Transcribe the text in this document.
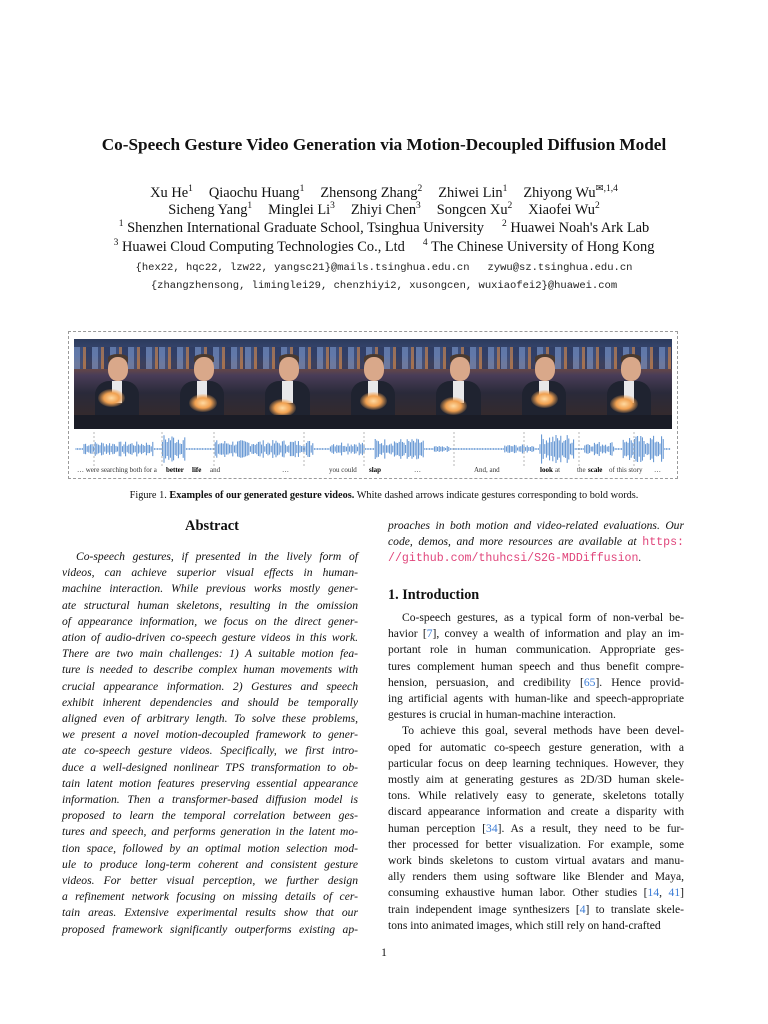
Co-Speech Gesture Video Generation via Motion-Decoupled Diffusion Model
Xu He$^1$ Qiaochu Huang$^1$ Zhensong Zhang$^2$ Zhiwei Lin$^1$ Zhiyong $Wu^{✉,1,4}$
Sicheng Yang$^1$ Minglei Li$^3$ Zhiyi Chen$^3$ Songcen Xu$^2$ Xiaofei Wu$^2$
$^1$ Shenzhen International Graduate School, Tsinghua University $^2$ Huawei Noah's Ark Lab
$^3$ Huawei Cloud Computing Technologies Co., Ltd $^4$ The Chinese University of Hong Kong
{hex22, hqc22, lzw22, yangsc21}@mails.tsinghua.edu.cn zywu@sz.tsinghua.edu.cn
{zhangzhensong, liminglei29, chenzhiyi2, xusongcen, wuxiaofei2}@huawei.com
… were searching both for a better life and	…	you could slap	…	And, and	look at the scale of this story …
Figure 1. Examples of our generated gesture videos. White dashed arrows indicate gestures corresponding to bold words.
Abstract
Co-speech gestures, if presented in the lively form of
videos, can achieve superior visual effects in human-
machine interaction. While previous works mostly gener-
ate structural human skeletons, resulting in the omission
of appearance information, we focus on the direct gener-
ation of audio-driven co-speech gesture videos in this work.
There are two main challenges: 1) A suitable motion fea-
ture is needed to describe complex human movements with
crucial appearance information. 2) Gestures and speech
exhibit inherent dependencies and should be temporally
aligned even of arbitrary length. To solve these problems,
we present a novel motion-decoupled framework to gener-
ate co-speech gesture videos. Specifically, we first intro-
duce a well-designed nonlinear TPS transformation to ob-
tain latent motion features preserving essential appearance
information. Then a transformer-based diffusion model is
proposed to learn the temporal correlation between ges-
tures and speech, and performs generation in the latent mo-
tion space, followed by an optimal motion selection mod-
ule to produce long-term coherent and consistent gesture
videos. For better visual perception, we further design
a refinement network focusing on missing details of cer-
tain areas. Extensive experimental results show that our
proposed framework significantly outperforms existing ap-
proaches in both motion and video-related evaluations. Our
code, demos, and more resources are available at https:
//github.com/thuhcsi/S2G-MDDiffusion.
1. Introduction
Co-speech gestures, as a typical form of non-verbal be-
havior [7], convey a wealth of information and play an im-
portant role in human communication. Appropriate ges-
tures complement human speech and thus benefit compre-
hension, persuasion, and credibility [65]. Hence provid-
ing artificial agents with human-like and speech-appropriate
gestures is crucial in human-machine interaction.
To achieve this goal, several methods have been devel-
oped for automatic co-speech gesture generation, with a
particular focus on deep learning techniques. However, they
mostly aim at generating gestures as 2D/3D human skele-
tons. While relatively easy to generate, skeletons totally
discard appearance information and create a disparity with
human perception [34]. As a result, they need to be fur-
ther processed for better visualization. For example, some
work binds skeletons to custom virtual avatars and manu-
ally renders them using software like Blender and Maya,
consuming exhaustive human labor. Other studies [14, 41]
train independent image synthesizers [4] to translate skele-
tons into animated images, which still rely on hand-crafted
1
